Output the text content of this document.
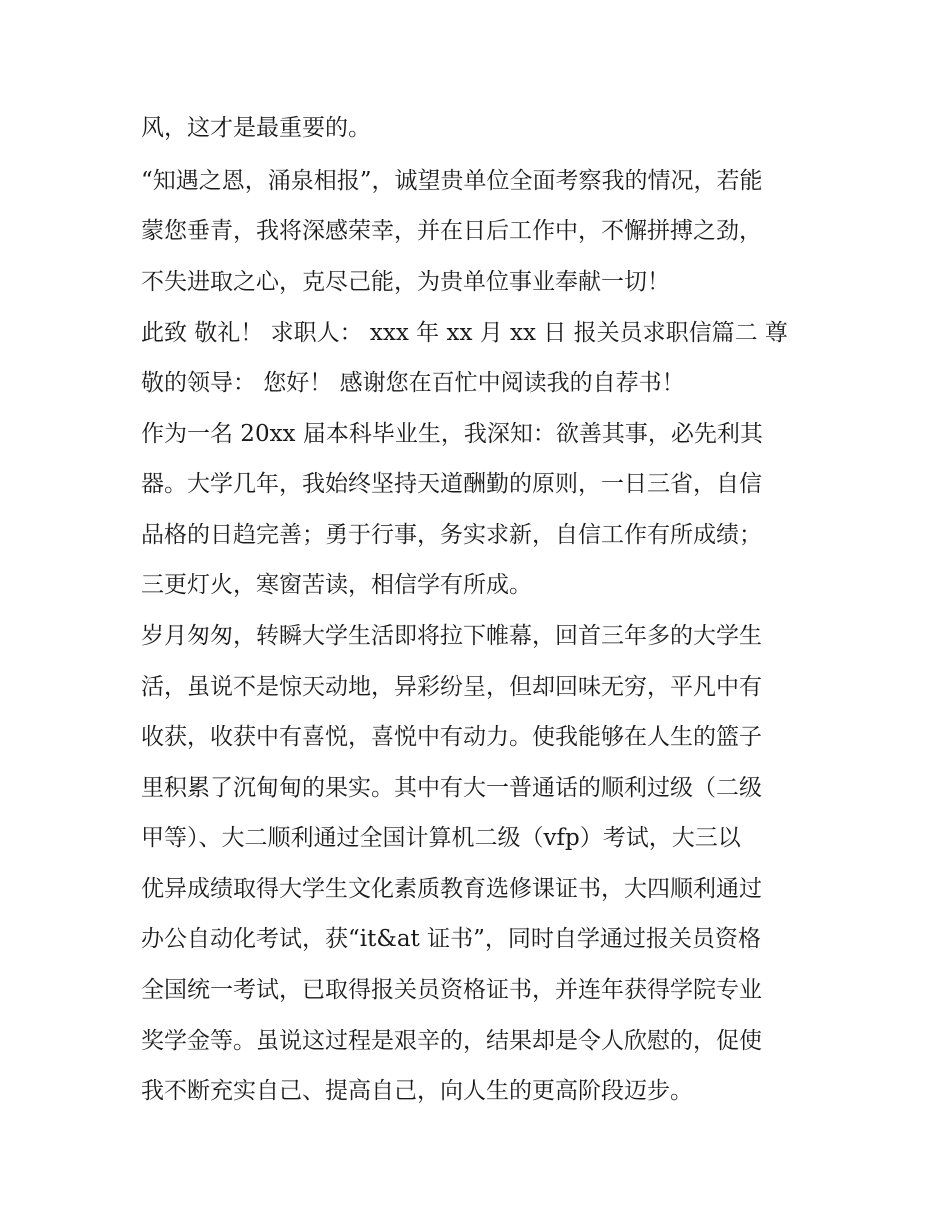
风，这才是最重要的。
“知遇之恩，涌泉相报”，诚望贵单位全面考察我的情况，若能
蒙您垂青，我将深感荣幸，并在日后工作中，不懈拼搏之劲，
不失进取之心，克尽己能，为贵单位事业奉献一切！
此致 敬礼！ 求职人： xxx 年 xx 月 xx 日 报关员求职信篇二 尊
敬的领导： 您好！ 感谢您在百忙中阅读我的自荐书！
作为一名 20xx 届本科毕业生，我深知：欲善其事，必先利其
器。大学几年，我始终坚持天道酬勤的原则，一日三省，自信
品格的日趋完善；勇于行事，务实求新，自信工作有所成绩；
三更灯火，寒窗苦读，相信学有所成。
岁月匆匆，转瞬大学生活即将拉下帷幕，回首三年多的大学生
活，虽说不是惊天动地，异彩纷呈，但却回味无穷，平凡中有
收获，收获中有喜悦，喜悦中有动力。使我能够在人生的篮子
里积累了沉甸甸的果实。其中有大一普通话的顺利过级（二级
甲等）、大二顺利通过全国计算机二级（vfp）考试，大三以
优异成绩取得大学生文化素质教育选修课证书，大四顺利通过
办公自动化考试，获“it&at 证书”，同时自学通过报关员资格
全国统一考试，已取得报关员资格证书，并连年获得学院专业
奖学金等。虽说这过程是艰辛的，结果却是令人欣慰的，促使
我不断充实自己、提高自己，向人生的更高阶段迈步。
